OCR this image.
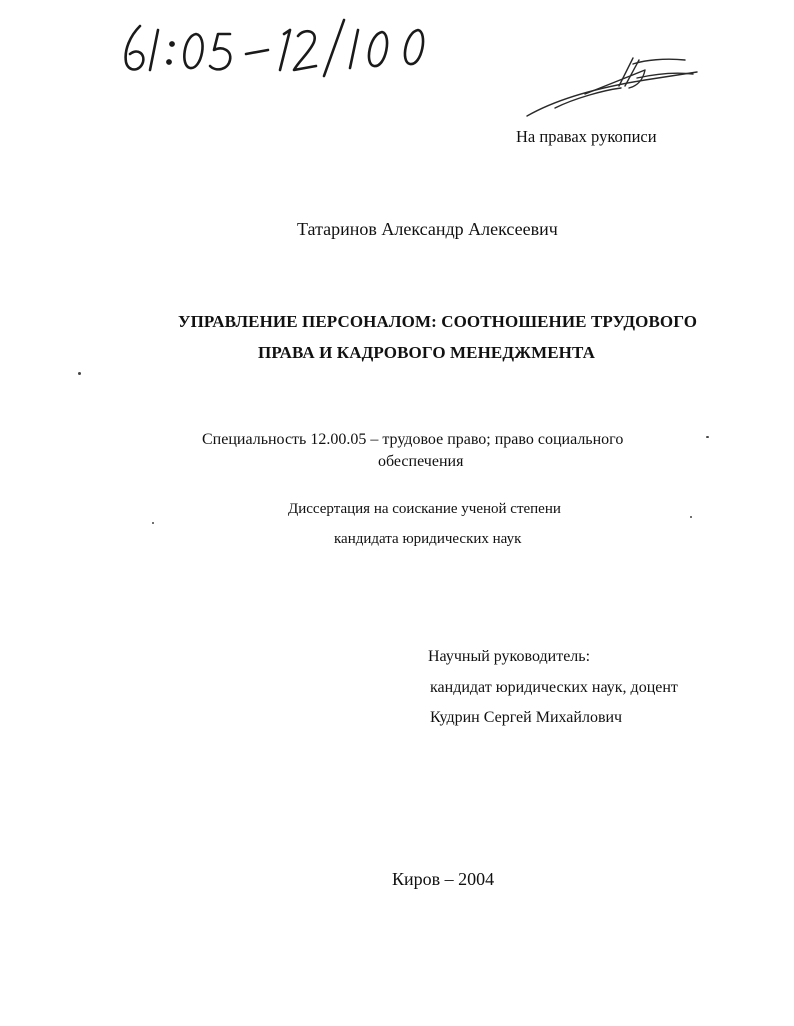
На правах рукописи
Татаринов Александр Алексеевич
УПРАВЛЕНИЕ ПЕРСОНАЛОМ: СООТНОШЕНИЕ ТРУДОВОГО
ПРАВА И КАДРОВОГО МЕНЕДЖМЕНТА
Специальность 12.00.05 – трудовое право; право социального
обеспечения
Диссертация на соискание ученой степени
кандидата юридических наук
Научный руководитель:
кандидат юридических наук, доцент
Кудрин Сергей Михайлович
Киров – 2004
